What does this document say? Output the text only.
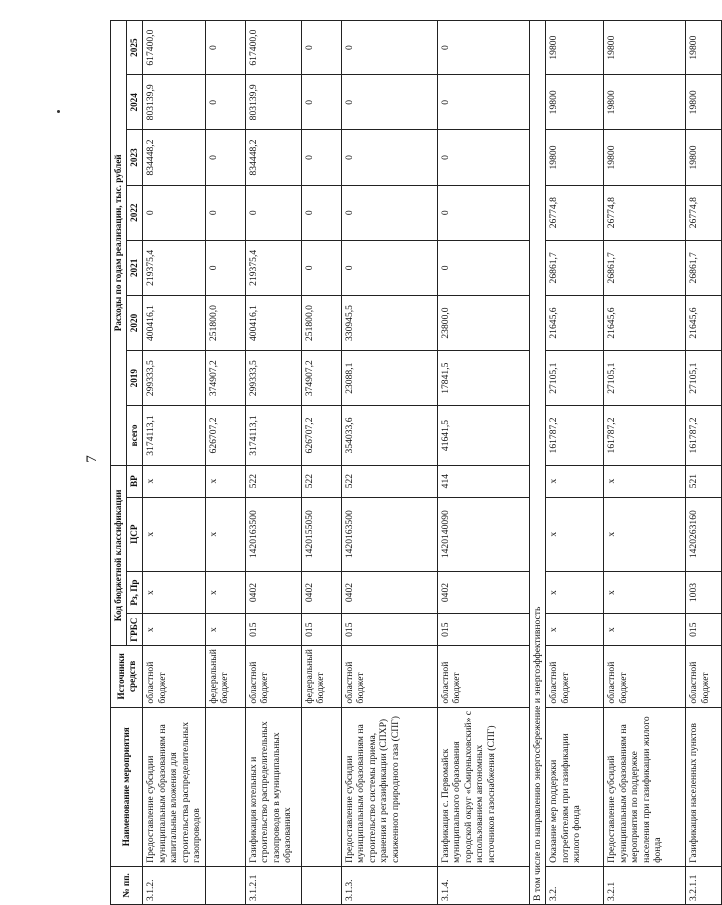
7
№ пп.	Наименование мероприятия	Источники средств	Код бюджетной классификации				Расходы по годам реализации, тыс. рублей							
			ГРБС	Рз, Пр	ЦСР	ВР	всего	2019	2020	2021	2022	2023	2024	2025
3.1.2.	Предоставление субсидии муниципальным образованиям на капитальные вложения для строительства распределительных газопроводов	областной бюджет	х	х	х	х	3174113,1	299333,5	400416,1	219375,4	0	834448,2	803139,9	617400,0
		федеральный бюджет	х	х	х	х	626707,2	374907,2	251800,0	0	0	0	0	0
3.1.2.1	Газификация котельных и строительство распределительных газопроводов в муниципальных образованиях	областной бюджет	015	0402	1420163500	522	3174113,1	299333,5	400416,1	219375,4	0	834448,2	803139,9	617400,0
		федеральный бюджет	015	0402	1420155050	522	626707,2	374907,2	251800,0	0	0	0	0	0
3.1.3.	Предоставление субсидии муниципальным образованиям на строительство системы приема, хранения и регазификации (СПХР) сжиженного природного газа (СПГ)	областной бюджет	015	0402	1420163500	522	354033,6	23088,1	330945,5	0	0	0	0	0
3.1.4.	Газификация с. Первомайск муниципального образования городской округ «Смирныховский» с использованием автономных источников газоснабжения (СПГ)	областной бюджет	015	0402	1420140090	414	41641,5	17841,5	23800,0	0	0	0	0	0
В том числе по направлению энергосбережение и энергоэффективность														
3.2.	Оказание мер поддержки потребителям при газификации жилого фонда	областной бюджет	х	х	х	х	161787,2	27105,1	21645,6	26861,7	26774,8	19800	19800	19800
3.2.1	Предоставление субсидий муниципальным образованиям на мероприятия по поддержке населения при газификации жилого фонда	областной бюджет	х	х	х	х	161787,2	27105,1	21645,6	26861,7	26774,8	19800	19800	19800
3.2.1.1	Газификация населенных пунктов	областной бюджет	015	1003	1420263160	521	161787,2	27105,1	21645,6	26861,7	26774,8	19800	19800	19800
